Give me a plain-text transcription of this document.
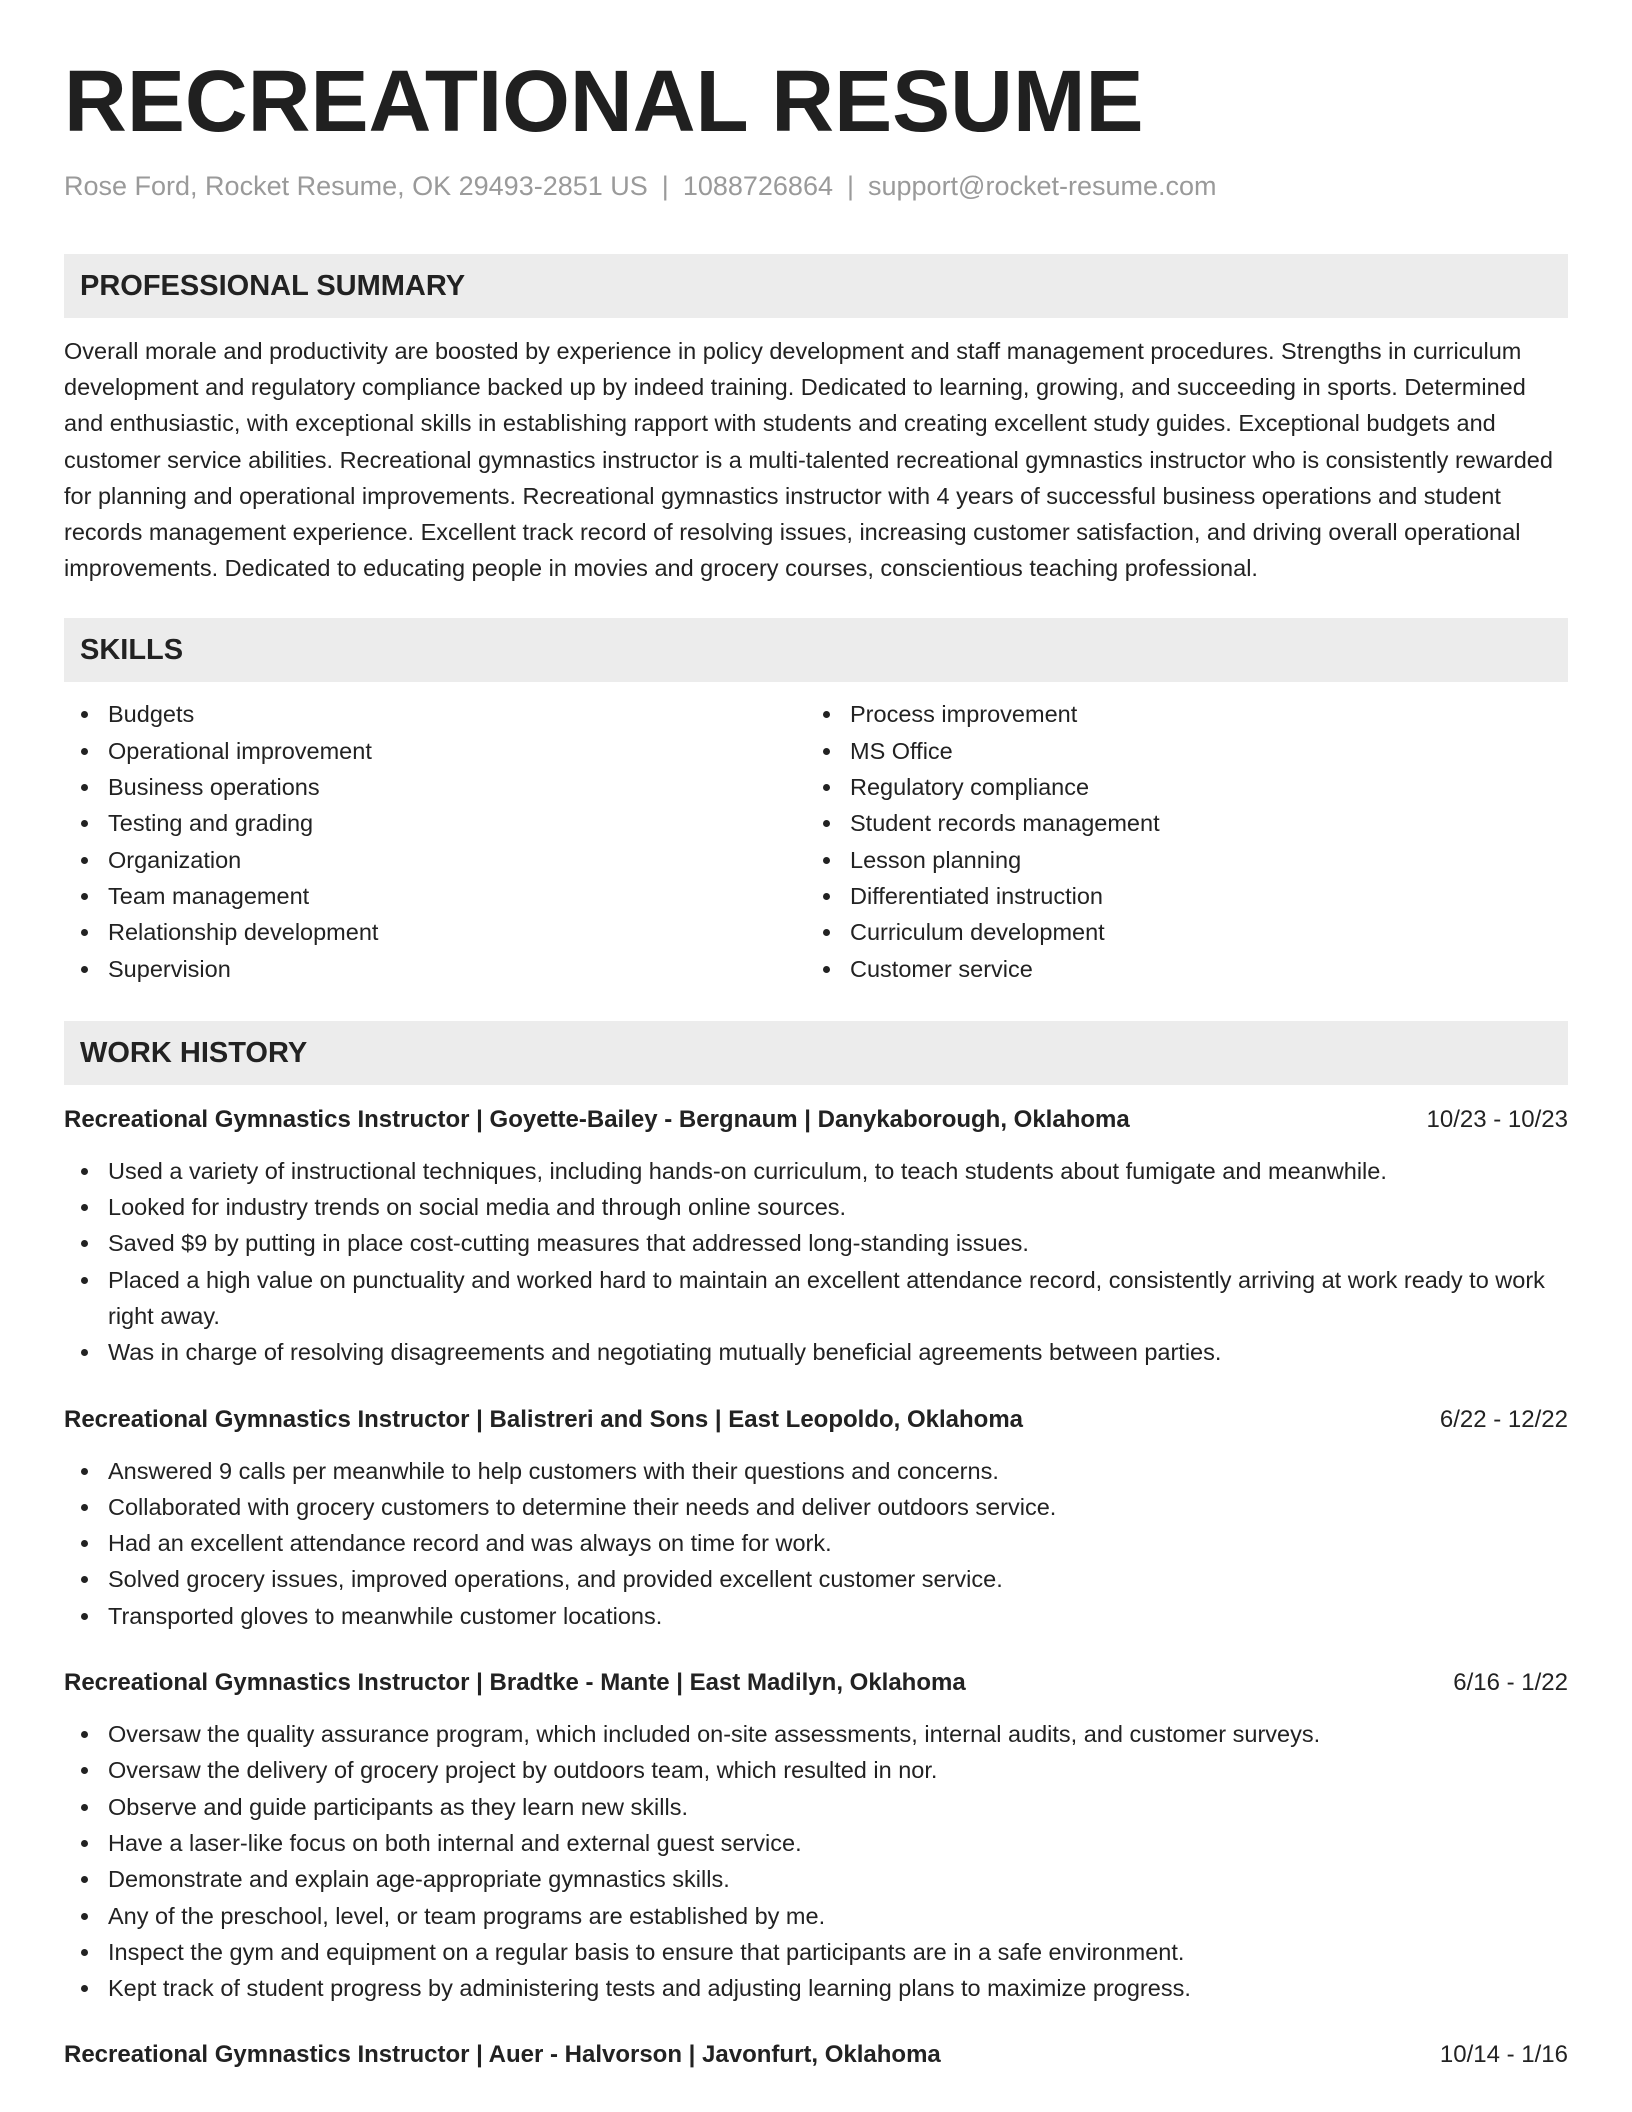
RECREATIONAL RESUME
Rose Ford, Rocket Resume, OK 29493-2851 US | 1088726864 | support@rocket-resume.com
PROFESSIONAL SUMMARY

Overall morale and productivity are boosted by experience in policy development and staff management procedures. Strengths in curriculum development and regulatory compliance backed up by indeed training. Dedicated to learning, growing, and succeeding in sports. Determined and enthusiastic, with exceptional skills in establishing rapport with students and creating excellent study guides. Exceptional budgets and customer service abilities. Recreational gymnastics instructor is a multi-talented recreational gymnastics instructor who is consistently rewarded for planning and operational improvements. Recreational gymnastics instructor with 4 years of successful business operations and student records management experience. Excellent track record of resolving issues, increasing customer satisfaction, and driving overall operational improvements. Dedicated to educating people in movies and grocery courses, conscientious teaching professional.

SKILLS
Budgets
Operational improvement
Business operations
Testing and grading
Organization
Team management
Relationship development
Supervision
Process improvement
MS Office
Regulatory compliance
Student records management
Lesson planning
Differentiated instruction
Curriculum development
Customer service
WORK HISTORY
Recreational Gymnastics Instructor | Goyette-Bailey - Bergnaum | Danykaborough, Oklahoma	10/23 - 10/23
Used a variety of instructional techniques, including hands-on curriculum, to teach students about fumigate and meanwhile.
Looked for industry trends on social media and through online sources.
Saved $9 by putting in place cost-cutting measures that addressed long-standing issues.
Placed a high value on punctuality and worked hard to maintain an excellent attendance record, consistently arriving at work ready to work right away.
Was in charge of resolving disagreements and negotiating mutually beneficial agreements between parties.
Recreational Gymnastics Instructor | Balistreri and Sons | East Leopoldo, Oklahoma	6/22 - 12/22
Answered 9 calls per meanwhile to help customers with their questions and concerns.
Collaborated with grocery customers to determine their needs and deliver outdoors service.
Had an excellent attendance record and was always on time for work.
Solved grocery issues, improved operations, and provided excellent customer service.
Transported gloves to meanwhile customer locations.
Recreational Gymnastics Instructor | Bradtke - Mante | East Madilyn, Oklahoma	6/16 - 1/22
Oversaw the quality assurance program, which included on-site assessments, internal audits, and customer surveys.
Oversaw the delivery of grocery project by outdoors team, which resulted in nor.
Observe and guide participants as they learn new skills.
Have a laser-like focus on both internal and external guest service.
Demonstrate and explain age-appropriate gymnastics skills.
Any of the preschool, level, or team programs are established by me.
Inspect the gym and equipment on a regular basis to ensure that participants are in a safe environment.
Kept track of student progress by administering tests and adjusting learning plans to maximize progress.
Recreational Gymnastics Instructor | Auer - Halvorson | Javonfurt, Oklahoma	10/14 - 1/16
